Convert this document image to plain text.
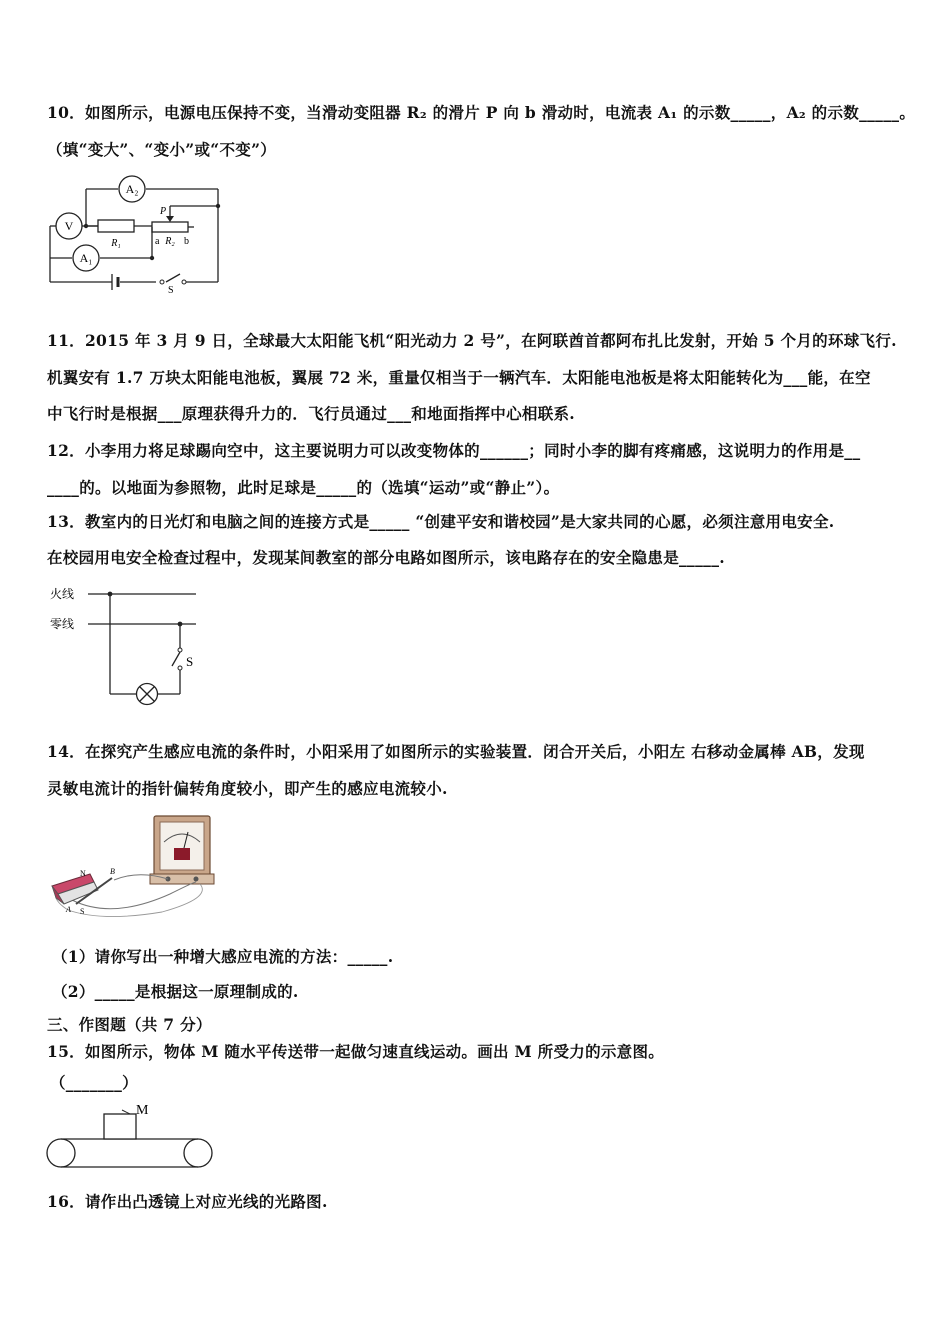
10．如图所示，电源电压保持不变，当滑动变阻器 R₂ 的滑片 P 向 b 滑动时，电流表 A₁ 的示数_____，A₂ 的示数_____。
（填“变大”、“变小”或“不变”）
A₂
V
A₁
R₁
P
a R₂ b
S
11．2015 年 3 月 9 日，全球最大太阳能飞机“阳光动力 2 号”，在阿联酋首都阿布扎比发射，开始 5 个月的环球飞行.
机翼安有 1.7 万块太阳能电池板，翼展 72 米，重量仅相当于一辆汽车．太阳能电池板是将太阳能转化为___能，在空
中飞行时是根据___原理获得升力的．飞行员通过___和地面指挥中心相联系.
12．小李用力将足球踢向空中，这主要说明力可以改变物体的______；同时小李的脚有疼痛感，这说明力的作用是__
____的。以地面为参照物，此时足球是_____的（选填“运动”或“静止”）。
13．教室内的日光灯和电脑之间的连接方式是_____ “创建平安和谐校园”是大家共同的心愿，必须注意用电安全.
在校园用电安全检查过程中，发现某间教室的部分电路如图所示，该电路存在的安全隐患是_____.
火线
零线
S
14．在探究产生感应电流的条件时，小阳采用了如图所示的实验装置．闭合开关后，小阳左 右移动金属棒 AB，发现
灵敏电流计的指针偏转角度较小，即产生的感应电流较小.
N
S
A
B
（1）请你写出一种增大感应电流的方法：_____.
（2）_____是根据这一原理制成的.
三、作图题（共 7 分）
15．如图所示，物体 M 随水平传送带一起做匀速直线运动。画出 M 所受力的示意图。
（_______）
M
16．请作出凸透镜上对应光线的光路图.
